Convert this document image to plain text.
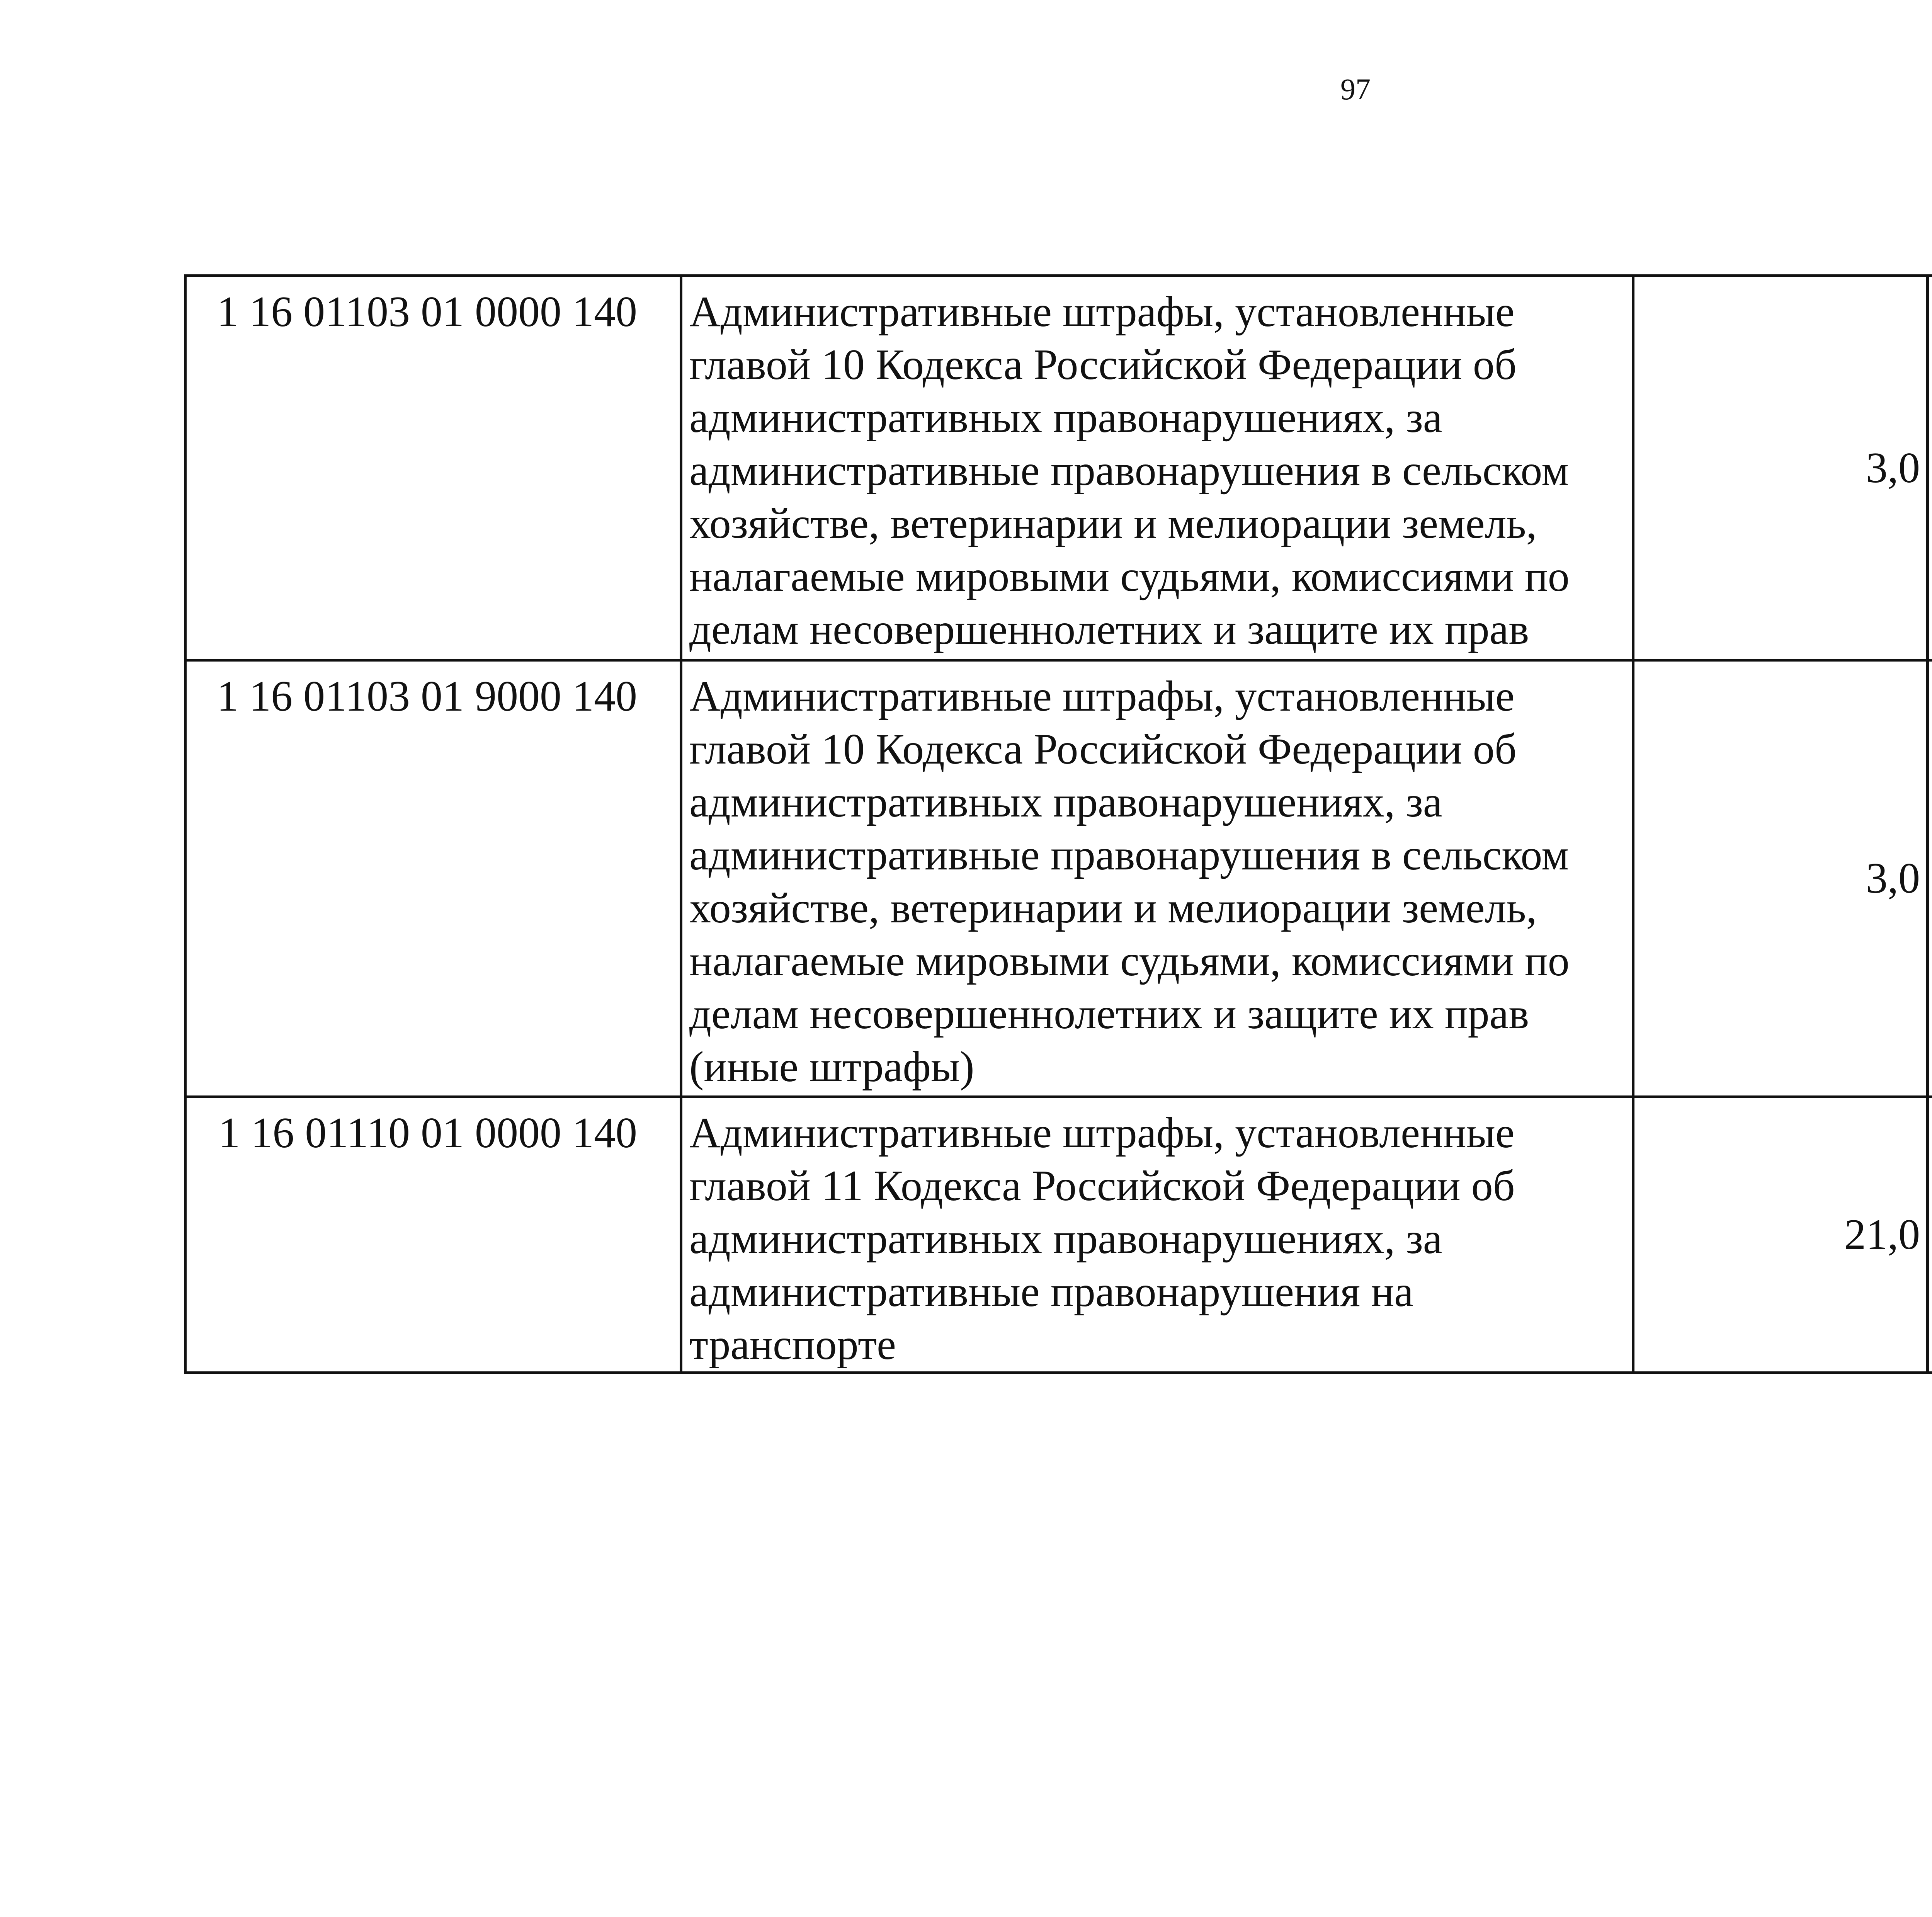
97
1 16 01103 01 0000 140	Административные штрафы, установленные главой 10 Кодекса Российской Федерации об административных правонарушениях, за административные правонарушения в сельском хозяйстве, ветеринарии и мелиорации земель, налагаемые мировыми судьями, комиссиями по делам несовершеннолетних и защите их прав	3,0		
1 16 01103 01 9000 140	Административные штрафы, установленные главой 10 Кодекса Российской Федерации об административных правонарушениях, за административные правонарушения в сельском хозяйстве, ветеринарии и мелиорации земель, налагаемые мировыми судьями, комиссиями по делам несовершеннолетних и защите их прав (иные штрафы)	3,0		
1 16 01110 01 0000 140	Административные штрафы, установленные главой 11 Кодекса Российской Федерации об административных правонарушениях, за административные правонарушения на транспорте	21,0		
